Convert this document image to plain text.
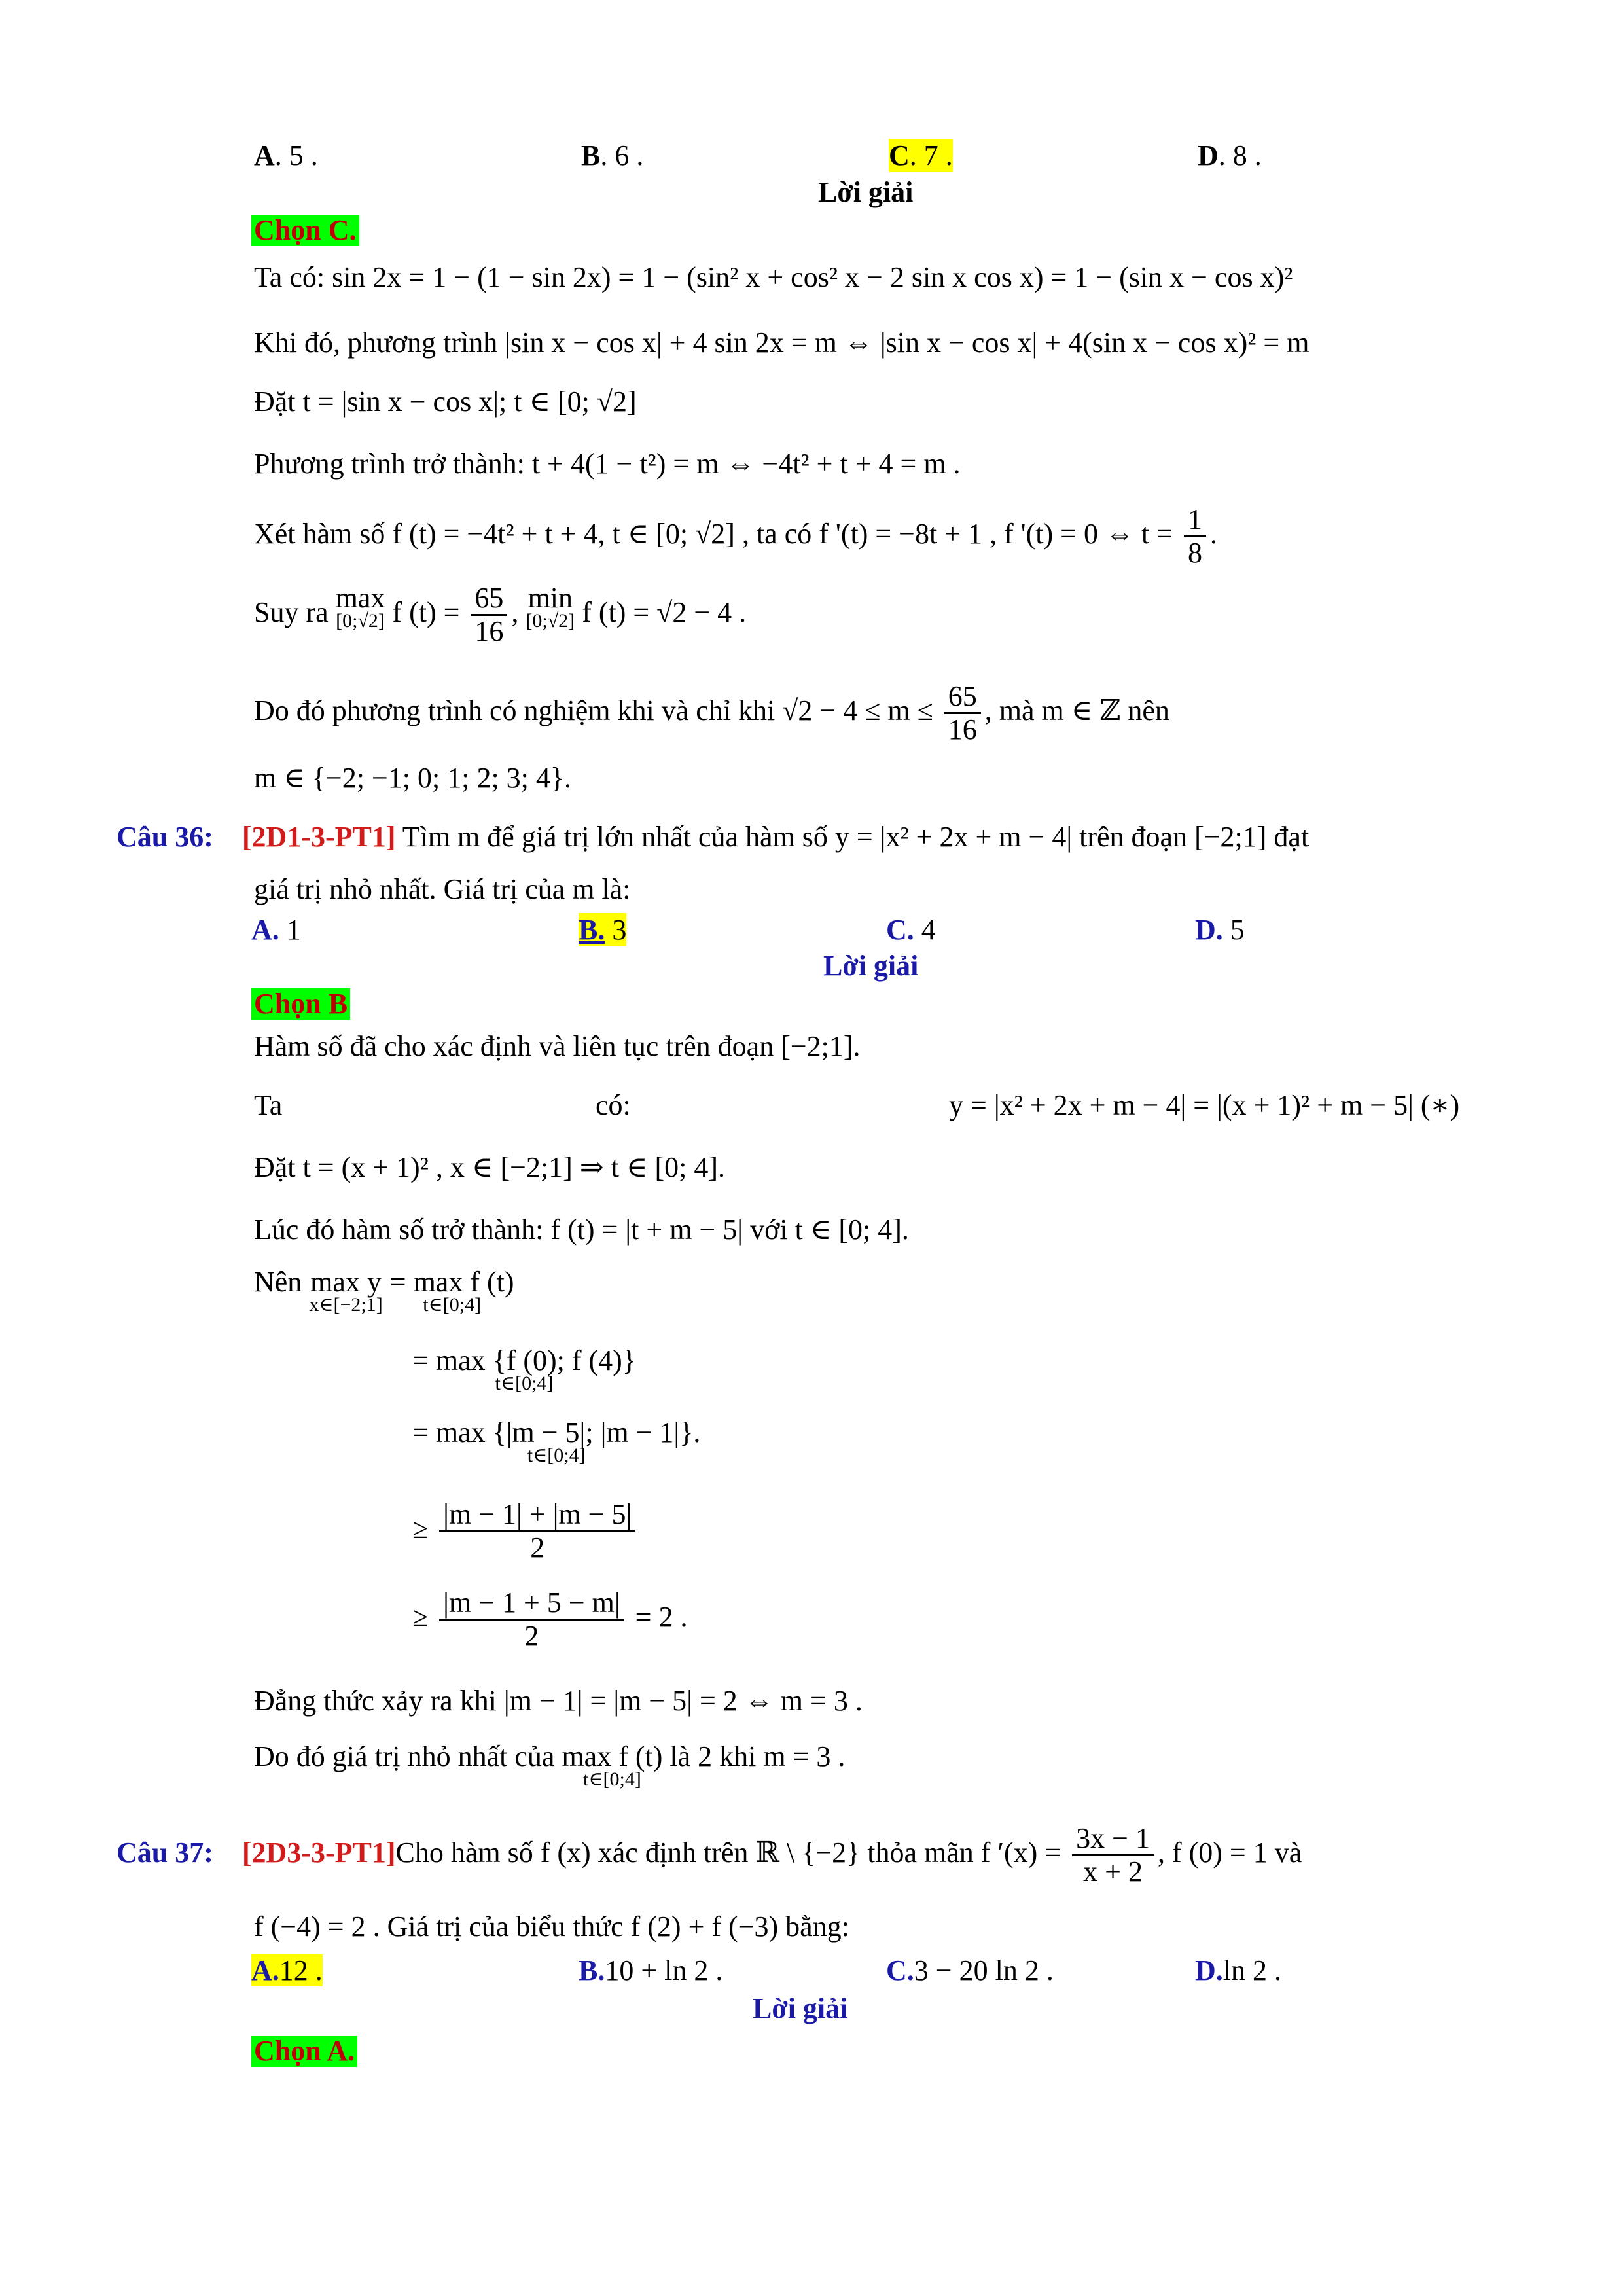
A. 5 .	B. 6 .	C. 7 .	D. 8 .
Lời giải
Chọn C.
Ta có: sin 2x = 1 − (1 − sin 2x) = 1 − (sin² x + cos² x − 2 sin x cos x) = 1 − (sin x − cos x)²
Khi đó, phương trình |sin x − cos x| + 4 sin 2x = m ⇔ |sin x − cos x| + 4(sin x − cos x)² = m
Đặt t = |sin x − cos x|; t ∈ [0; √2]
Phương trình trở thành: t + 4(1 − t²) = m ⇔ −4t² + t + 4 = m .
Xét hàm số f (t) = −4t² + t + 4, t ∈ [0; √2] , ta có f '(t) = −8t + 1 , f '(t) = 0 ⇔ $t = \frac{1}{8}$ .
Suy ra max
[0;√2] f $(t) = \frac{65}{16}$ , min
[0;√2] f (t) = √2 − 4 .
Do đó phương trình có nghiệm khi và chỉ khi $√2 - 4 \le m \le \frac{65}{16}$ , mà m ∈ ℤ nên
m ∈ {−2; −1; 0; 1; 2; 3; 4}.
Câu 36: [2D1-3-PT1] Tìm m để giá trị lớn nhất của hàm số y = |x² + 2x + m − 4| trên đoạn [−2;1] đạt
giá trị nhỏ nhất. Giá trị của m là:
A. 1	B. 3	C. 4	D. 5
Lời giải
Chọn B
Hàm số đã cho xác định và liên tục trên đoạn [−2;1].
Ta	có:	y = |x² + 2x + m − 4| = |(x + 1)² + m − 5| (∗)
Đặt t = (x + 1)² , x ∈ [−2;1] ⇒ t ∈ [0; 4].
Lúc đó hàm số trở thành: f (t) = |t + m − 5| với t ∈ [0; 4].
Nên max y
x∈[−2;1]

= max f (t)
t∈[0;4]
= max {f (0); f (4)}
t∈[0;4]
= max {|m − 5|; |m − 1|}.
t∈[0;4]
≥ $\frac{|m - 1| + |m - 5|}{2}$
≥ $\frac{|m - 1 + 5 - m|}{2} = 2$ .
Đẳng thức xảy ra khi |m − 1| = |m − 5| = 2 ⇔ m = 3 .
Do đó giá trị nhỏ nhất của max f (t)
t∈[0;4]
là 2 khi m = 3 .
Câu 37: [2D3-3-PT1]Cho hàm số f (x) xác định trên ℝ \ {−2} thỏa mãn f $'(x) = \frac{3x - 1}{x + 2}$ , f (0) = 1 và
f (−4) = 2 . Giá trị của biểu thức f (2) + f (−3) bằng:
A.12 .	B.10 + ln 2 .	C.3 − 20 ln 2 .	D.ln 2 .
Lời giải
Chọn A.
